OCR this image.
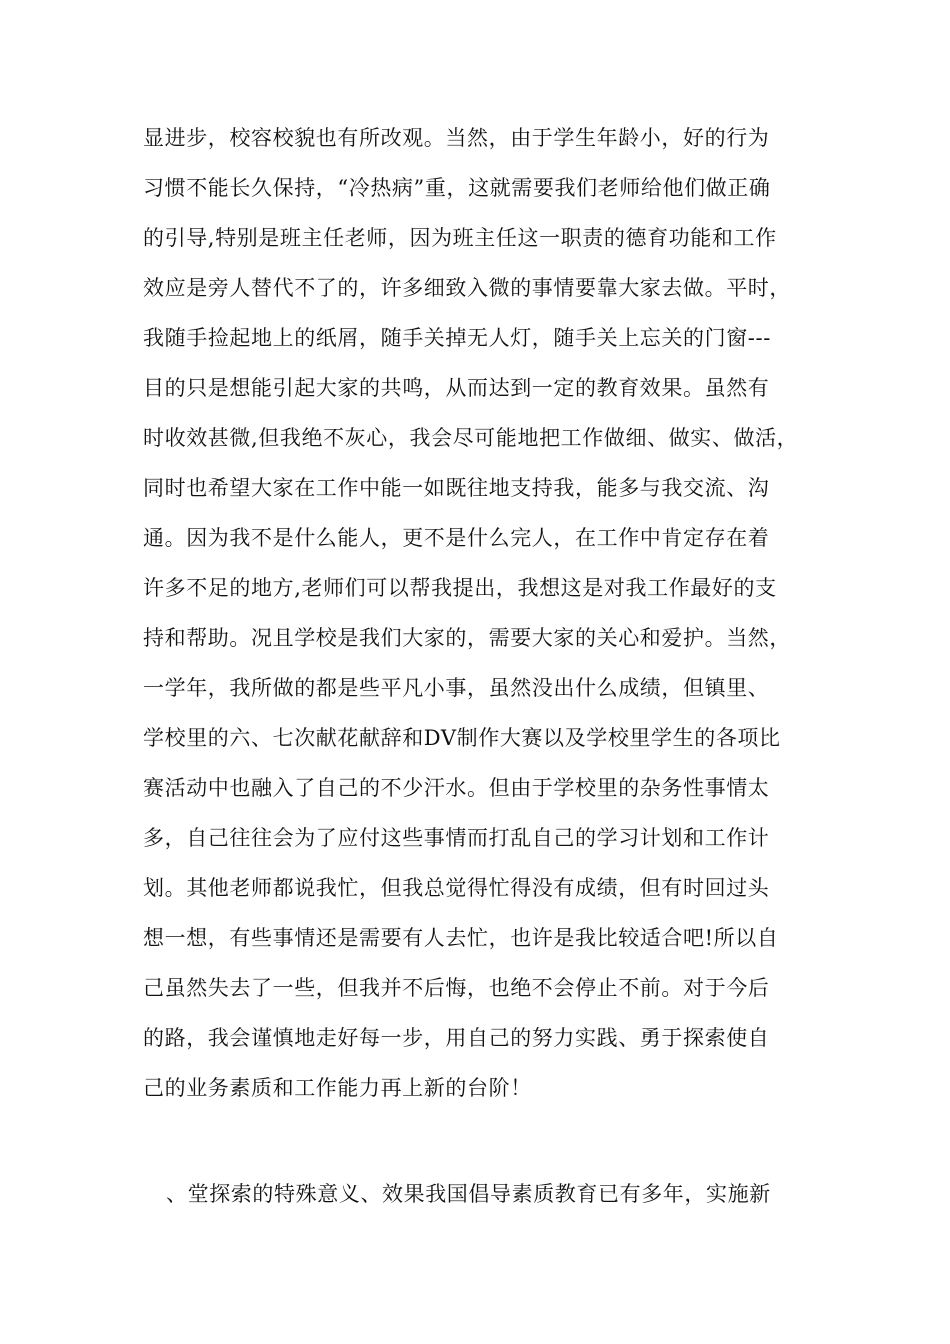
显进步，校容校貌也有所改观。当然，由于学生年龄小，好的行为
习惯不能长久保持，“冷热病”重，这就需要我们老师给他们做正确
的引导,特别是班主任老师，因为班主任这一职责的德育功能和工作
效应是旁人替代不了的，许多细致入微的事情要靠大家去做。平时，
我随手捡起地上的纸屑，随手关掉无人灯，随手关上忘关的门窗---
目的只是想能引起大家的共鸣，从而达到一定的教育效果。虽然有
时收效甚微,但我绝不灰心，我会尽可能地把工作做细、做实、做活，
同时也希望大家在工作中能一如既往地支持我，能多与我交流、沟
通。因为我不是什么能人，更不是什么完人，在工作中肯定存在着
许多不足的地方,老师们可以帮我提出，我想这是对我工作最好的支
持和帮助。况且学校是我们大家的，需要大家的关心和爱护。当然，
一学年，我所做的都是些平凡小事，虽然没出什么成绩，但镇里、
学校里的六、七次献花献辞和DV制作大赛以及学校里学生的各项比
赛活动中也融入了自己的不少汗水。但由于学校里的杂务性事情太
多，自己往往会为了应付这些事情而打乱自己的学习计划和工作计
划。其他老师都说我忙，但我总觉得忙得没有成绩，但有时回过头
想一想，有些事情还是需要有人去忙，也许是我比较适合吧!所以自
己虽然失去了一些，但我并不后悔，也绝不会停止不前。对于今后
的路，我会谨慎地走好每一步，用自己的努力实践、勇于探索使自
己的业务素质和工作能力再上新的台阶！
、堂探索的特殊意义、效果我国倡导素质教育已有多年，实施新
